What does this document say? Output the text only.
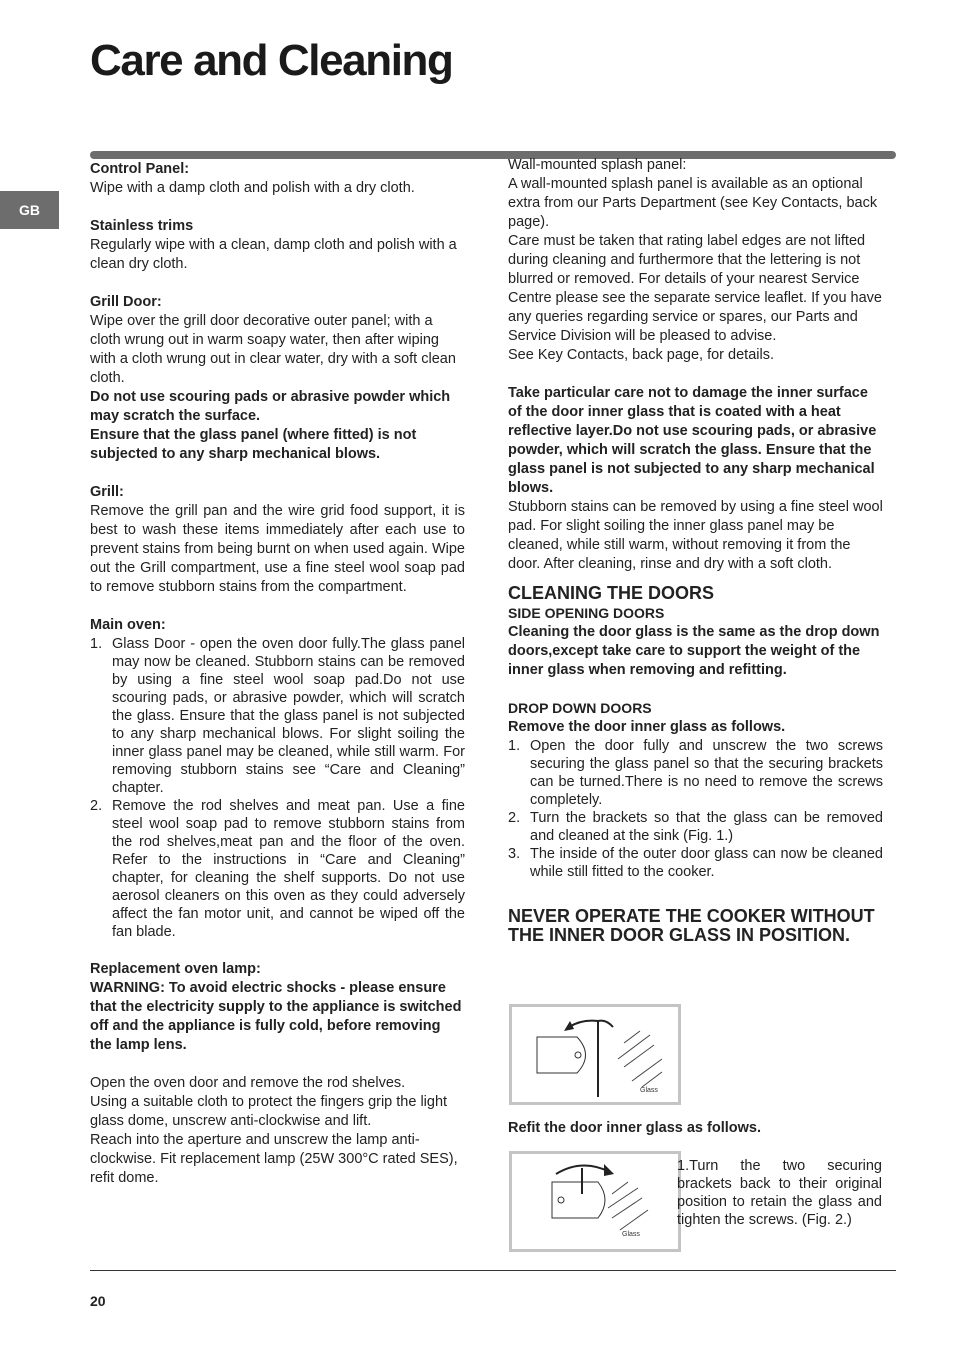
Care and Cleaning
GB

Control Panel:

Wipe with a damp cloth and polish with a dry cloth.

Stainless trims

Regularly wipe with a clean, damp cloth and polish with a clean dry cloth.

Grill Door:

Wipe over the grill door decorative outer panel; with a cloth wrung out in warm soapy water, then after wiping with a cloth wrung out in clear water, dry with a soft clean cloth.

Do not use scouring pads or abrasive powder which may scratch the surface.

Ensure that the glass panel (where fitted) is not subjected to any sharp mechanical blows.

Grill:

Remove the grill pan and the wire grid food support, it is best to wash these items immediately after each use to prevent stains from being burnt on when used again. Wipe out the Grill compartment, use a fine steel wool soap pad to remove stubborn stains from the compartment.

Main oven:

1. Glass Door - open the oven door fully.The glass panel may now be cleaned. Stubborn stains can be removed by using a fine steel wool soap pad.Do not use scouring pads, or abrasive powder, which will scratch the glass. Ensure that the glass panel is not subjected to any sharp mechanical blows. For slight soiling the inner glass panel may be cleaned, while still warm. For removing stubborn stains see “Care and Cleaning” chapter.
2. Remove the rod shelves and meat pan. Use a fine steel wool soap pad to remove stubborn stains from the rod shelves,meat pan and the floor of the oven. Refer to the instructions in “Care and Cleaning” chapter, for cleaning the shelf supports. Do not use aerosol cleaners on this oven as they could adversely affect the fan motor unit, and cannot be wiped off the fan blade.

Replacement oven lamp:

WARNING: To avoid electric shocks - please ensure that the electricity supply to the appliance is switched off and the appliance is fully cold, before removing the lamp lens.

Open the oven door and remove the rod shelves.

Using a suitable cloth to protect the fingers grip the light glass dome, unscrew anti-clockwise and lift.

Reach into the aperture and unscrew the lamp anti-clockwise. Fit replacement lamp (25W 300°C rated SES), refit dome.

Wall-mounted splash panel:

A wall-mounted splash panel is available as an optional extra from our Parts Department (see Key Contacts, back page).

Care must be taken that rating label edges are not lifted during cleaning and furthermore that the lettering is not blurred or removed. For details of your nearest Service Centre please see the separate service leaflet. If you have any queries regarding service or spares, our Parts and Service Division will be pleased to advise.

See Key Contacts, back page, for details.

Take particular care not to damage the inner surface of the door inner glass that is coated with a heat reflective layer.Do not use scouring pads, or abrasive powder, which will scratch the glass. Ensure that the glass panel is not subjected to any sharp mechanical blows.

Stubborn stains can be removed by using a fine steel wool pad. For slight soiling the inner glass panel may be cleaned, while still warm, without removing it from the door. After cleaning, rinse and dry with a soft cloth.

CLEANING THE DOORS

SIDE OPENING DOORS

Cleaning the door glass is the same as the drop down doors,except take care to support the weight of the inner glass when removing and refitting.

DROP DOWN DOORS

Remove the door inner glass as follows.

1. Open the door fully and unscrew the two screws securing the glass panel so that the securing brackets can be turned.There is no need to remove the screws completely.
2. Turn the brackets so that the glass can be removed and cleaned at the sink (Fig. 1.)
3. The inside of the outer door glass can now be cleaned while still fitted to the cooker.
NEVER OPERATE THE COOKER WITHOUT THE INNER DOOR GLASS IN POSITION.
Glass
Refit the door inner glass as follows.
Glass
1.Turn the two securing brackets back to their original position to retain the glass and tighten the screws. (Fig. 2.)
20
